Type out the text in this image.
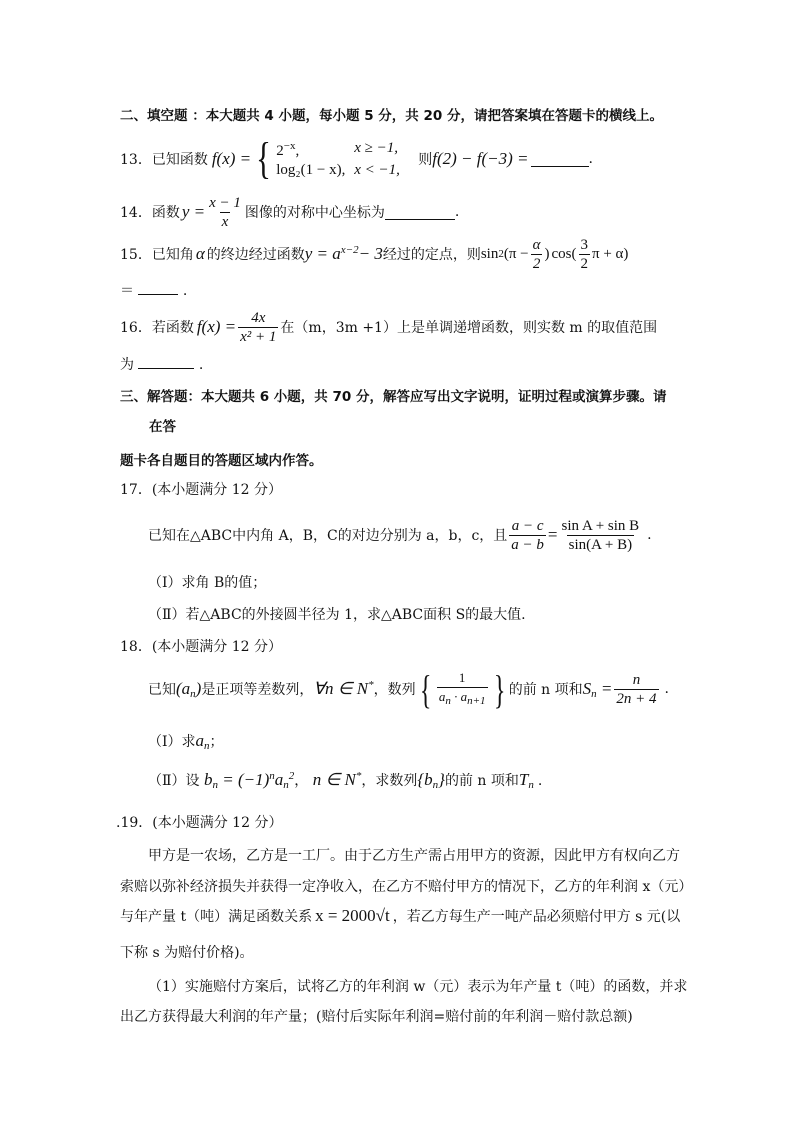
二、填空题 ：本大题共 4 小题，每小题 5 分，共 20 分，请把答案填在答题卡的横线上。
13． 已知函数 f(x) = { $2^{-x}$,	x ≥ −1,
log₂(1 − x), x < −1,
则 f(2) − f(−3) =	.
14． 函数 $y = \frac{x - 1}{x}$ 图像的对称中心坐标为	.
15． 已知角 α 的终边经过函数 $y = a^{x-2}- 3$ 经过的定点，则 sin 2 ($\pi - \frac{\alpha}{2}$ ) $\cos( \frac{3}{2}$ π + α)
＝	.
16． 若函数 $f(x) = \frac{4x}{\text{x² + 1}}$ 在（m，3m +1）上是单调递增函数，则实数 m 的取值范围
为	.
三、解答题：本大题共 6 小题，共 70 分，解答应写出文字说明，证明过程或演算步骤。请
在答
题卡各自题目的答题区域内作答。
17．(本小题满分 12 分）
已知在△ABC中内角 A，B，C的对边分别为 a，b，c，且 $\frac{a - c}{a - b} = \frac{\text{sin A + sin B}}{\sin(A + B)}$ .
（Ⅰ）求角 B的值；
（Ⅱ）若△ABC的外接圆半径为 1，求△ABC面积 S的最大值.
18．(本小题满分 12 分）
已知 $(a_n)$ 是正项等差数列， ∀n ∈ N* ，数列 { $\frac{1}{a_n \cdot a_{n+1}}$ } 的前 n 项和 $S_n = \frac{n}{2n + 4}$ .
（Ⅰ）求$a_n$；
（Ⅱ）设 $b_n = (-1)^na_n^2$， n ∈ N*，求数列$\{b_n\}$的前 n 项和$T_n$ .
.19．(本小题满分 12 分）
甲方是一农场，乙方是一工厂。由于乙方生产需占用甲方的资源，因此甲方有权向乙方
索赔以弥补经济损失并获得一定净收入，在乙方不赔付甲方的情况下，乙方的年利润 x（元）
与年产量 t（吨）满足函数关系 x = 2000√t ，若乙方每生产一吨产品必须赔付甲方 s 元(以
下称 s 为赔付价格)。
（1）实施赔付方案后，试将乙方的年利润 w（元）表示为年产量 t（吨）的函数，并求
出乙方获得最大利润的年产量；(赔付后实际年利润=赔付前的年利润－赔付款总额)
